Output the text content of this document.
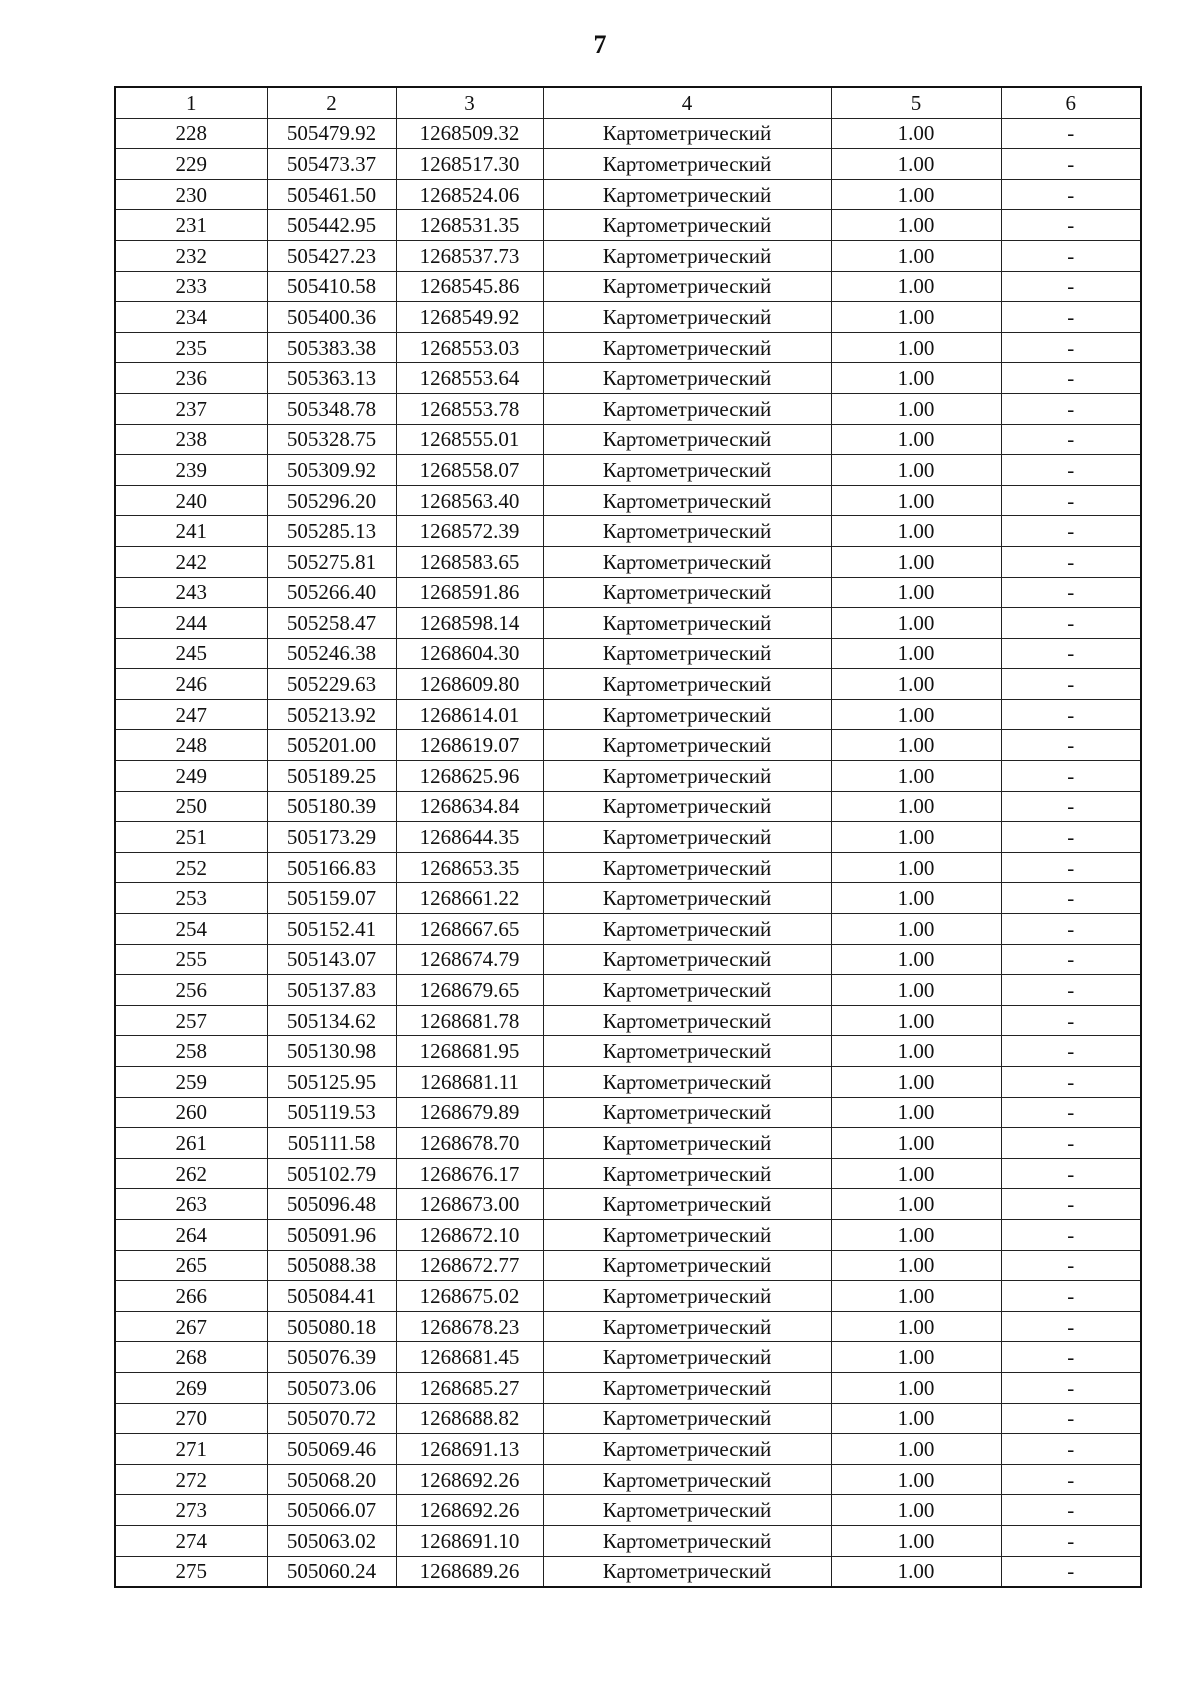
7
1	2	3	4	5	6
228	505479.92	1268509.32	Картометрический	1.00	-
229	505473.37	1268517.30	Картометрический	1.00	-
230	505461.50	1268524.06	Картометрический	1.00	-
231	505442.95	1268531.35	Картометрический	1.00	-
232	505427.23	1268537.73	Картометрический	1.00	-
233	505410.58	1268545.86	Картометрический	1.00	-
234	505400.36	1268549.92	Картометрический	1.00	-
235	505383.38	1268553.03	Картометрический	1.00	-
236	505363.13	1268553.64	Картометрический	1.00	-
237	505348.78	1268553.78	Картометрический	1.00	-
238	505328.75	1268555.01	Картометрический	1.00	-
239	505309.92	1268558.07	Картометрический	1.00	-
240	505296.20	1268563.40	Картометрический	1.00	-
241	505285.13	1268572.39	Картометрический	1.00	-
242	505275.81	1268583.65	Картометрический	1.00	-
243	505266.40	1268591.86	Картометрический	1.00	-
244	505258.47	1268598.14	Картометрический	1.00	-
245	505246.38	1268604.30	Картометрический	1.00	-
246	505229.63	1268609.80	Картометрический	1.00	-
247	505213.92	1268614.01	Картометрический	1.00	-
248	505201.00	1268619.07	Картометрический	1.00	-
249	505189.25	1268625.96	Картометрический	1.00	-
250	505180.39	1268634.84	Картометрический	1.00	-
251	505173.29	1268644.35	Картометрический	1.00	-
252	505166.83	1268653.35	Картометрический	1.00	-
253	505159.07	1268661.22	Картометрический	1.00	-
254	505152.41	1268667.65	Картометрический	1.00	-
255	505143.07	1268674.79	Картометрический	1.00	-
256	505137.83	1268679.65	Картометрический	1.00	-
257	505134.62	1268681.78	Картометрический	1.00	-
258	505130.98	1268681.95	Картометрический	1.00	-
259	505125.95	1268681.11	Картометрический	1.00	-
260	505119.53	1268679.89	Картометрический	1.00	-
261	505111.58	1268678.70	Картометрический	1.00	-
262	505102.79	1268676.17	Картометрический	1.00	-
263	505096.48	1268673.00	Картометрический	1.00	-
264	505091.96	1268672.10	Картометрический	1.00	-
265	505088.38	1268672.77	Картометрический	1.00	-
266	505084.41	1268675.02	Картометрический	1.00	-
267	505080.18	1268678.23	Картометрический	1.00	-
268	505076.39	1268681.45	Картометрический	1.00	-
269	505073.06	1268685.27	Картометрический	1.00	-
270	505070.72	1268688.82	Картометрический	1.00	-
271	505069.46	1268691.13	Картометрический	1.00	-
272	505068.20	1268692.26	Картометрический	1.00	-
273	505066.07	1268692.26	Картометрический	1.00	-
274	505063.02	1268691.10	Картометрический	1.00	-
275	505060.24	1268689.26	Картометрический	1.00	-
